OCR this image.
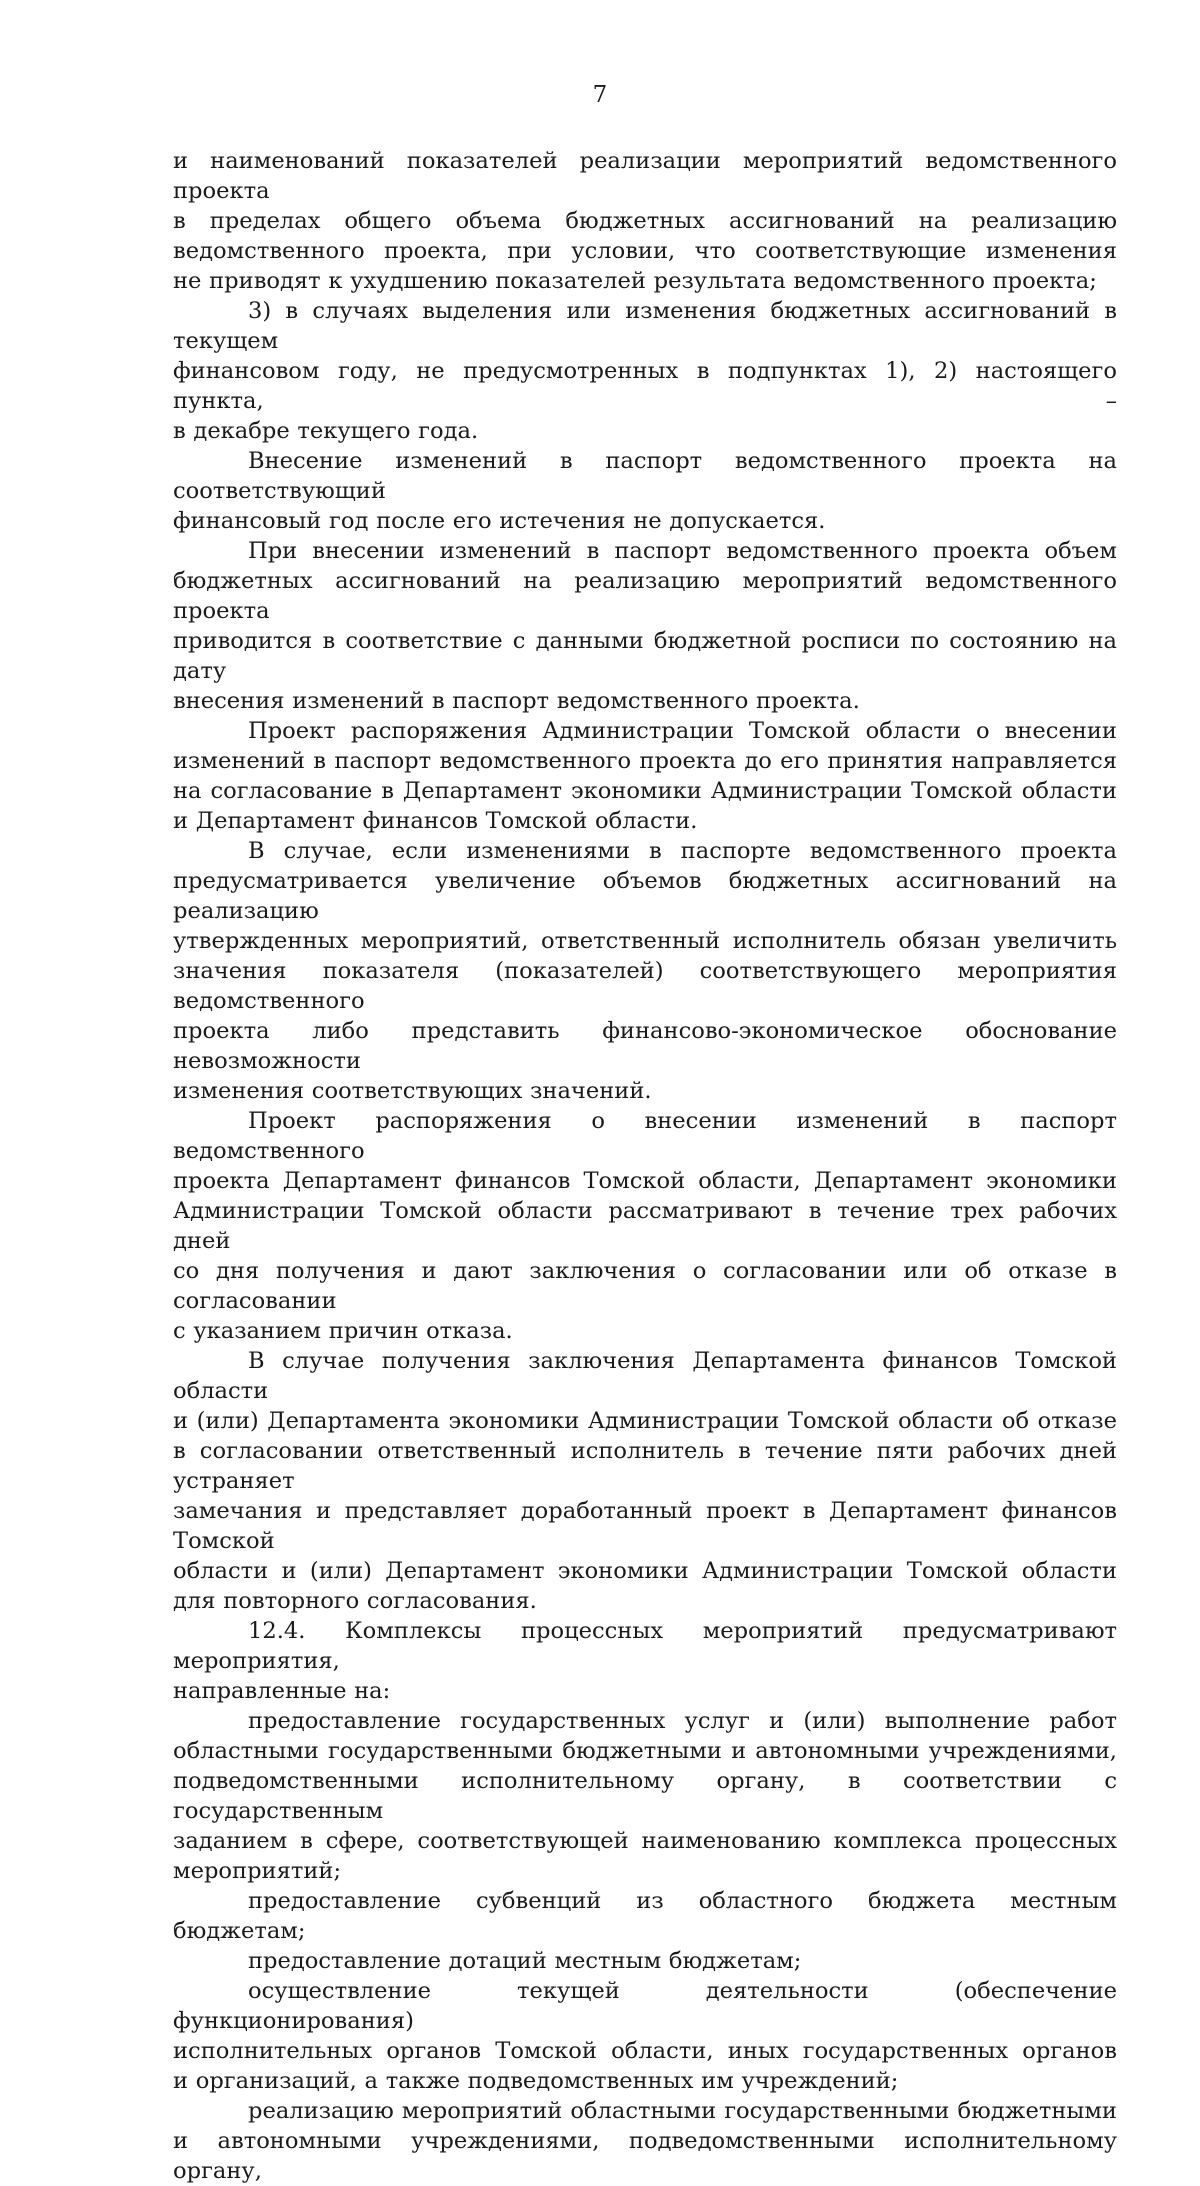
7

и наименований показателей реализации мероприятий ведомственного проекта
в пределах общего объема бюджетных ассигнований на реализацию
ведомственного проекта, при условии, что соответствующие изменения
не приводят к ухудшению показателей результата ведомственного проекта;

3) в случаях выделения или изменения бюджетных ассигнований в текущем
финансовом году, не предусмотренных в подпунктах 1), 2) настоящего пункта, –
в декабре текущего года.

Внесение изменений в паспорт ведомственного проекта на соответствующий
финансовый год после его истечения не допускается.

При внесении изменений в паспорт ведомственного проекта объем
бюджетных ассигнований на реализацию мероприятий ведомственного проекта
приводится в соответствие с данными бюджетной росписи по состоянию на дату
внесения изменений в паспорт ведомственного проекта.

Проект распоряжения Администрации Томской области о внесении
изменений в паспорт ведомственного проекта до его принятия направляется
на согласование в Департамент экономики Администрации Томской области
и Департамент финансов Томской области.

В случае, если изменениями в паспорте ведомственного проекта
предусматривается увеличение объемов бюджетных ассигнований на реализацию
утвержденных мероприятий, ответственный исполнитель обязан увеличить
значения показателя (показателей) соответствующего мероприятия ведомственного
проекта либо представить финансово-экономическое обоснование невозможности
изменения соответствующих значений.

Проект распоряжения о внесении изменений в паспорт ведомственного
проекта Департамент финансов Томской области, Департамент экономики
Администрации Томской области рассматривают в течение трех рабочих дней
со дня получения и дают заключения о согласовании или об отказе в согласовании
с указанием причин отказа.

В случае получения заключения Департамента финансов Томской области
и (или) Департамента экономики Администрации Томской области об отказе
в согласовании ответственный исполнитель в течение пяти рабочих дней устраняет
замечания и представляет доработанный проект в Департамент финансов Томской
области и (или) Департамент экономики Администрации Томской области
для повторного согласования.

12.4. Комплексы процессных мероприятий предусматривают мероприятия,
направленные на:

предоставление государственных услуг и (или) выполнение работ
областными государственными бюджетными и автономными учреждениями,
подведомственными исполнительному органу, в соответствии с государственным
заданием в сфере, соответствующей наименованию комплекса процессных
мероприятий;

предоставление субвенций из областного бюджета местным бюджетам;

предоставление дотаций местным бюджетам;

осуществление текущей деятельности (обеспечение функционирования)
исполнительных органов Томской области, иных государственных органов
и организаций, а также подведомственных им учреждений;

реализацию мероприятий областными государственными бюджетными
и автономными учреждениями, подведомственными исполнительному органу,
